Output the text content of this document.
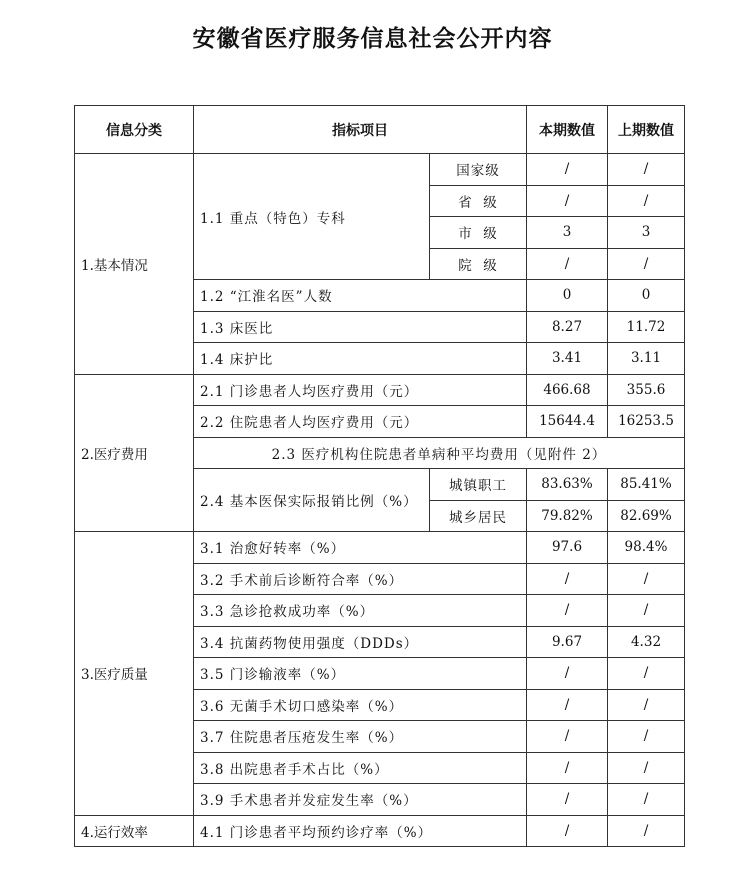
安徽省医疗服务信息社会公开内容
信息分类	指标项目		本期数值	上期数值
1.基本情况	1.1 重点（特色）专科	国家级	/	/
		省  级	/	/
		市  级	3	3
		院  级	/	/
	1.2 “江淮名医”人数		0	0
	1.3 床医比		8.27	11.72
	1.4 床护比		3.41	3.11
2.医疗费用	2.1 门诊患者人均医疗费用（元）		466.68	355.6
	2.2 住院患者人均医疗费用（元）		15644.4	16253.5
	2.3 医疗机构住院患者单病种平均费用（见附件 2）			
	2.4 基本医保实际报销比例（%）	城镇职工	83.63%	85.41%
		城乡居民	79.82%	82.69%
3.医疗质量	3.1 治愈好转率（%）		97.6	98.4%
	3.2 手术前后诊断符合率（%）		/	/
	3.3 急诊抢救成功率（%）		/	/
	3.4 抗菌药物使用强度（DDDs）		9.67	4.32
	3.5 门诊输液率（%）		/	/
	3.6 无菌手术切口感染率（%）		/	/
	3.7 住院患者压疮发生率（%）		/	/
	3.8 出院患者手术占比（%）		/	/
	3.9 手术患者并发症发生率（%）		/	/
4.运行效率	4.1 门诊患者平均预约诊疗率（%）		/	/
